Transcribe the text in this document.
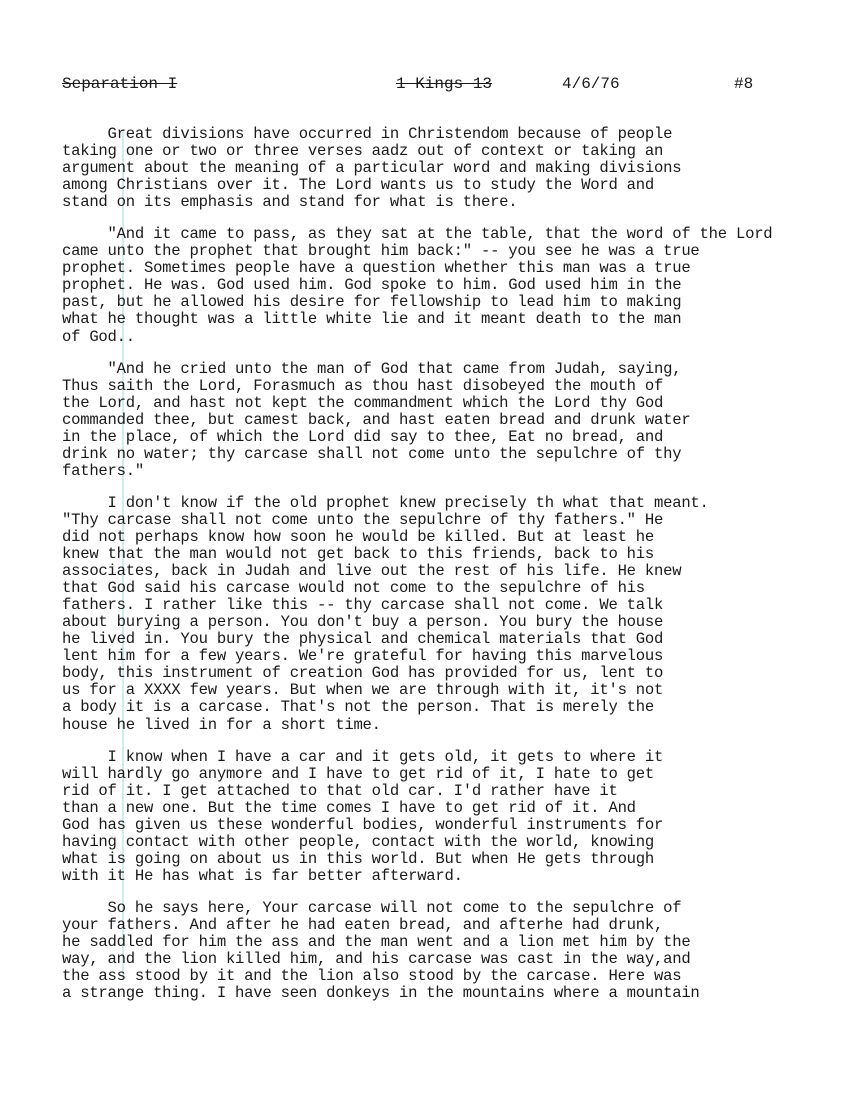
Separation I	1 Kings 13	4/6/76	#8
Great divisions have occurred in Christendom because of people
taking one or two or three verses aadz out of context or taking an
argument about the meaning of a particular word and making divisions
among Christians over it. The Lord wants us to study the Word and
stand on its emphasis and stand for what is there.
"And it came to pass, as they sat at the table, that the word of the Lord
came unto the prophet that brought him back:" -- you see he was a true
prophet. Sometimes people have a question whether this man was a true
prophet. He was. God used him. God spoke to him. God used him in the
past, but he allowed his desire for fellowship to lead him to making
what he thought was a little white lie and it meant death to the man
of God..
"And he cried unto the man of God that came from Judah, saying,
Thus saith the Lord, Forasmuch as thou hast disobeyed the mouth of
the Lord, and hast not kept the commandment which the Lord thy God
commanded thee, but camest back, and hast eaten bread and drunk water
in the place, of which the Lord did say to thee, Eat no bread, and
drink no water; thy carcase shall not come unto the sepulchre of thy
fathers."
I don't know if the old prophet knew precisely th what that meant.
"Thy carcase shall not come unto the sepulchre of thy fathers." He
did not perhaps know how soon he would be killed. But at least he
knew that the man would not get back to this friends, back to his
associates, back in Judah and live out the rest of his life. He knew
that God said his carcase would not come to the sepulchre of his
fathers. I rather like this -- thy carcase shall not come. We talk
about burying a person. You don't buy a person. You bury the house
he lived in. You bury the physical and chemical materials that God
lent him for a few years. We're grateful for having this marvelous
body, this instrument of creation God has provided for us, lent to
us for a XXXX few years. But when we are through with it, it's not
a body it is a carcase. That's not the person. That is merely the
house he lived in for a short time.
I know when I have a car and it gets old, it gets to where it
will hardly go anymore and I have to get rid of it, I hate to get
rid of it. I get attached to that old car. I'd rather have it
than a new one. But the time comes I have to get rid of it. And
God has given us these wonderful bodies, wonderful instruments for
having contact with other people, contact with the world, knowing
what is going on about us in this world. But when He gets through
with it He has what is far better afterward.
So he says here, Your carcase will not come to the sepulchre of
your fathers. And after he had eaten bread, and afterhe had drunk,
he saddled for him the ass and the man went and a lion met him by the
way, and the lion killed him, and his carcase was cast in the way,and
the ass stood by it and the lion also stood by the carcase. Here was
a strange thing. I have seen donkeys in the mountains where a mountain
